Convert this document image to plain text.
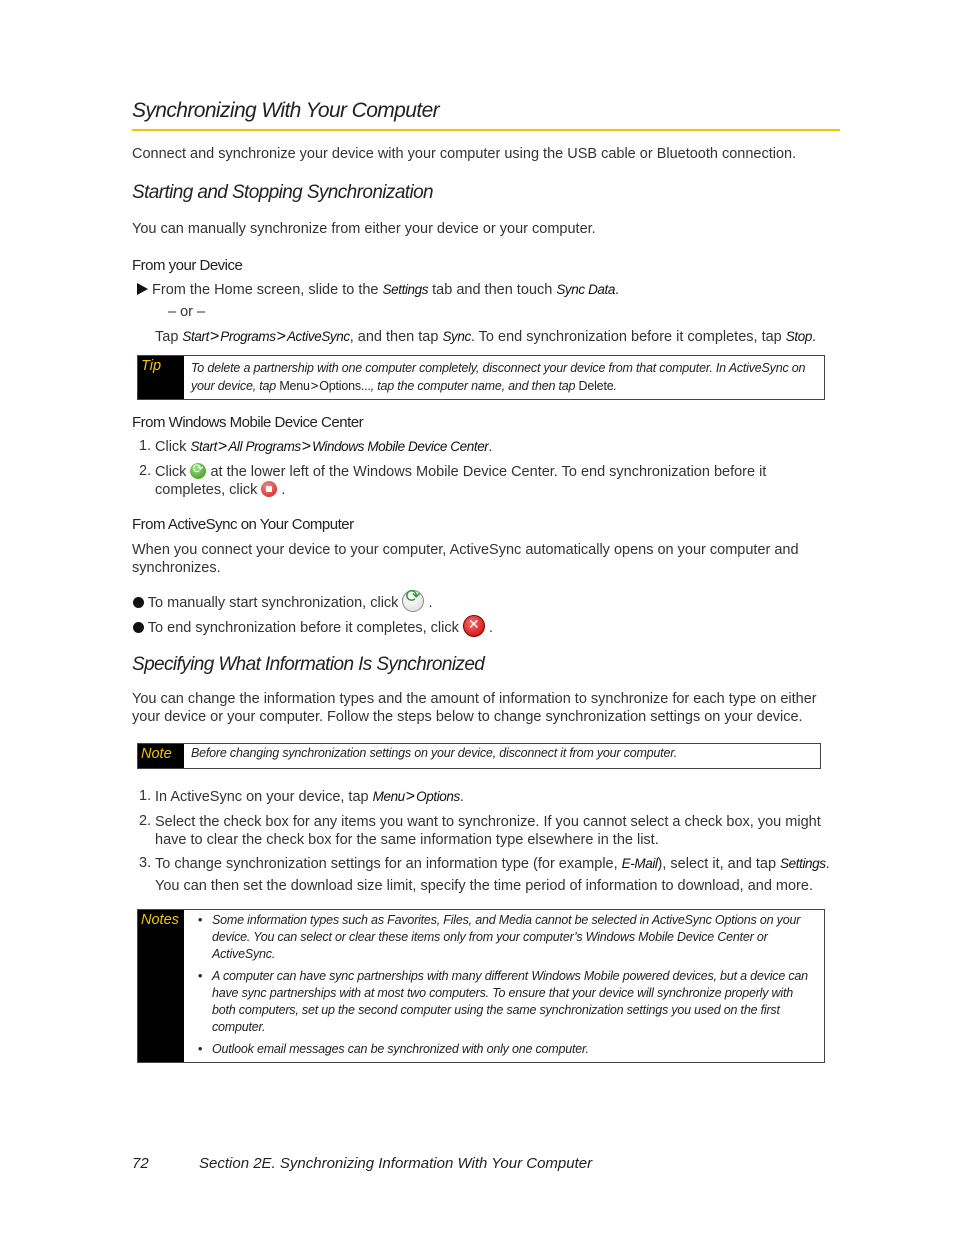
Synchronizing With Your Computer
Connect and synchronize your device with your computer using the USB cable or Bluetooth connection.
Starting and Stopping Synchronization
You can manually synchronize from either your device or your computer.
From your Device
From the Home screen, slide to the Settings tab and then touch Sync Data.
– or –
Tap Start>Programs>ActiveSync, and then tap Sync. To end synchronization before it completes, tap Stop.
Tip	To delete a partnership with one computer completely, disconnect your device from that computer. In ActiveSync on your device, tap Menu>Options..., tap the computer name, and then tap Delete.
From Windows Mobile Device Center
1. Click Start>All Programs>Windows Mobile Device Center.
2. Click ⟳ at the lower left of the Windows Mobile Device Center. To end synchronization before it
completes, click  .
From ActiveSync on Your Computer
When you connect your device to your computer, ActiveSync automatically opens on your computer and synchronizes.
To manually start synchronization, click ⟳ .
To end synchronization before it completes, click ✕ .
Specifying What Information Is Synchronized
You can change the information types and the amount of information to synchronize for each type on either your device or your computer. Follow the steps below to change synchronization settings on your device.
Note	Before changing synchronization settings on your device, disconnect it from your computer.
1. In ActiveSync on your device, tap Menu>Options.
2. Select the check box for any items you want to synchronize. If you cannot select a check box, you might have to clear the check box for the same information type elsewhere in the list.
3. To change synchronization settings for an information type (for example, E-Mail), select it, and tap Settings.
You can then set the download size limit, specify the time period of information to download, and more.
Notes
•	Some information types such as Favorites, Files, and Media cannot be selected in ActiveSync Options on your device. You can select or clear these items only from your computer’s Windows Mobile Device Center or ActiveSync.
• A computer can have sync partnerships with many different Windows Mobile powered devices, but a device can have sync partnerships with at most two computers. To ensure that your device will synchronize properly with both computers, set up the second computer using the same synchronization settings you used on the first computer.
• Outlook email messages can be synchronized with only one computer.
72	Section 2E. Synchronizing Information With Your Computer
